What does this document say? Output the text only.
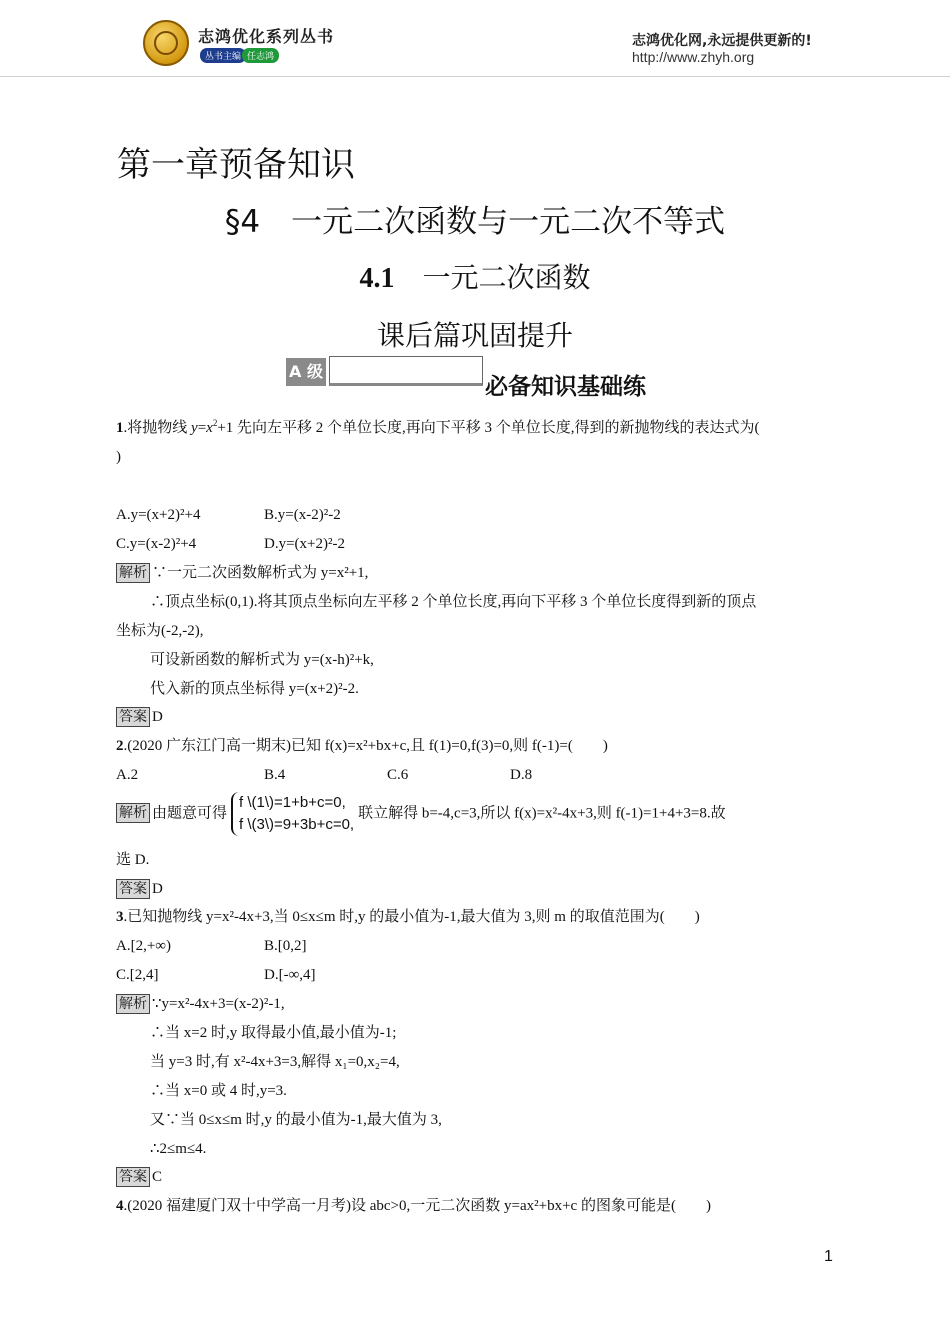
志鸿优化系列丛书
丛书主编 任志鸿
志鸿优化网,永远提供更新的!
http://www.zhyh.org
第一章预备知识
§4　一元二次函数与一元二次不等式
4.1　一元二次函数
课后篇巩固提升
A 级
必备知识基础练
1.将抛物线 $y=x^2+1$ 先向左平移 2 个单位长度,再向下平移 3 个单位长度,得到的新抛物线的表达式为(
)
A.y=(x+2)²+4	B.y=(x-2)²-2
C.y=(x-2)²+4	D.y=(x+2)²-2
解析 ∵一元二次函数解析式为 y=x²+1,
∴顶点坐标(0,1).将其顶点坐标向左平移 2 个单位长度,再向下平移 3 个单位长度得到新的顶点
坐标为(-2,-2),
可设新函数的解析式为 y=(x-h)²+k,
代入新的顶点坐标得 y=(x+2)²-2.
答案 D
2.(2020 广东江门高一期末)已知 f(x)=x²+bx+c,且 f(1)=0,f(3)=0,则 f(-1)=(　　)
A.2	B.4	C.6	D.8
解析 由题意可得
f \(1\)=1+b+c=0,
f \(3\)=9+3b+c=0,
联立解得 b=-4,c=3,所以 f(x)=x²-4x+3,则 f(-1)=1+4+3=8.故
选 D.
答案 D
3.已知抛物线 y=x²-4x+3,当 0≤x≤m 时,y 的最小值为-1,最大值为 3,则 m 的取值范围为(　　)
A.[2,+∞)	B.[0,2]
C.[2,4]	D.[-∞,4]
解析 ∵y=x²-4x+3=(x-2)²-1,
∴当 x=2 时,y 取得最小值,最小值为-1;
当 y=3 时,有 x²-4x+3=3,解得 x₁=0,x₂=4,
∴当 x=0 或 4 时,y=3.
又∵当 0≤x≤m 时,y 的最小值为-1,最大值为 3,
∴2≤m≤4.
答案 C
4.(2020 福建厦门双十中学高一月考)设 abc>0,一元二次函数 y=ax²+bx+c 的图象可能是(　　)
1
